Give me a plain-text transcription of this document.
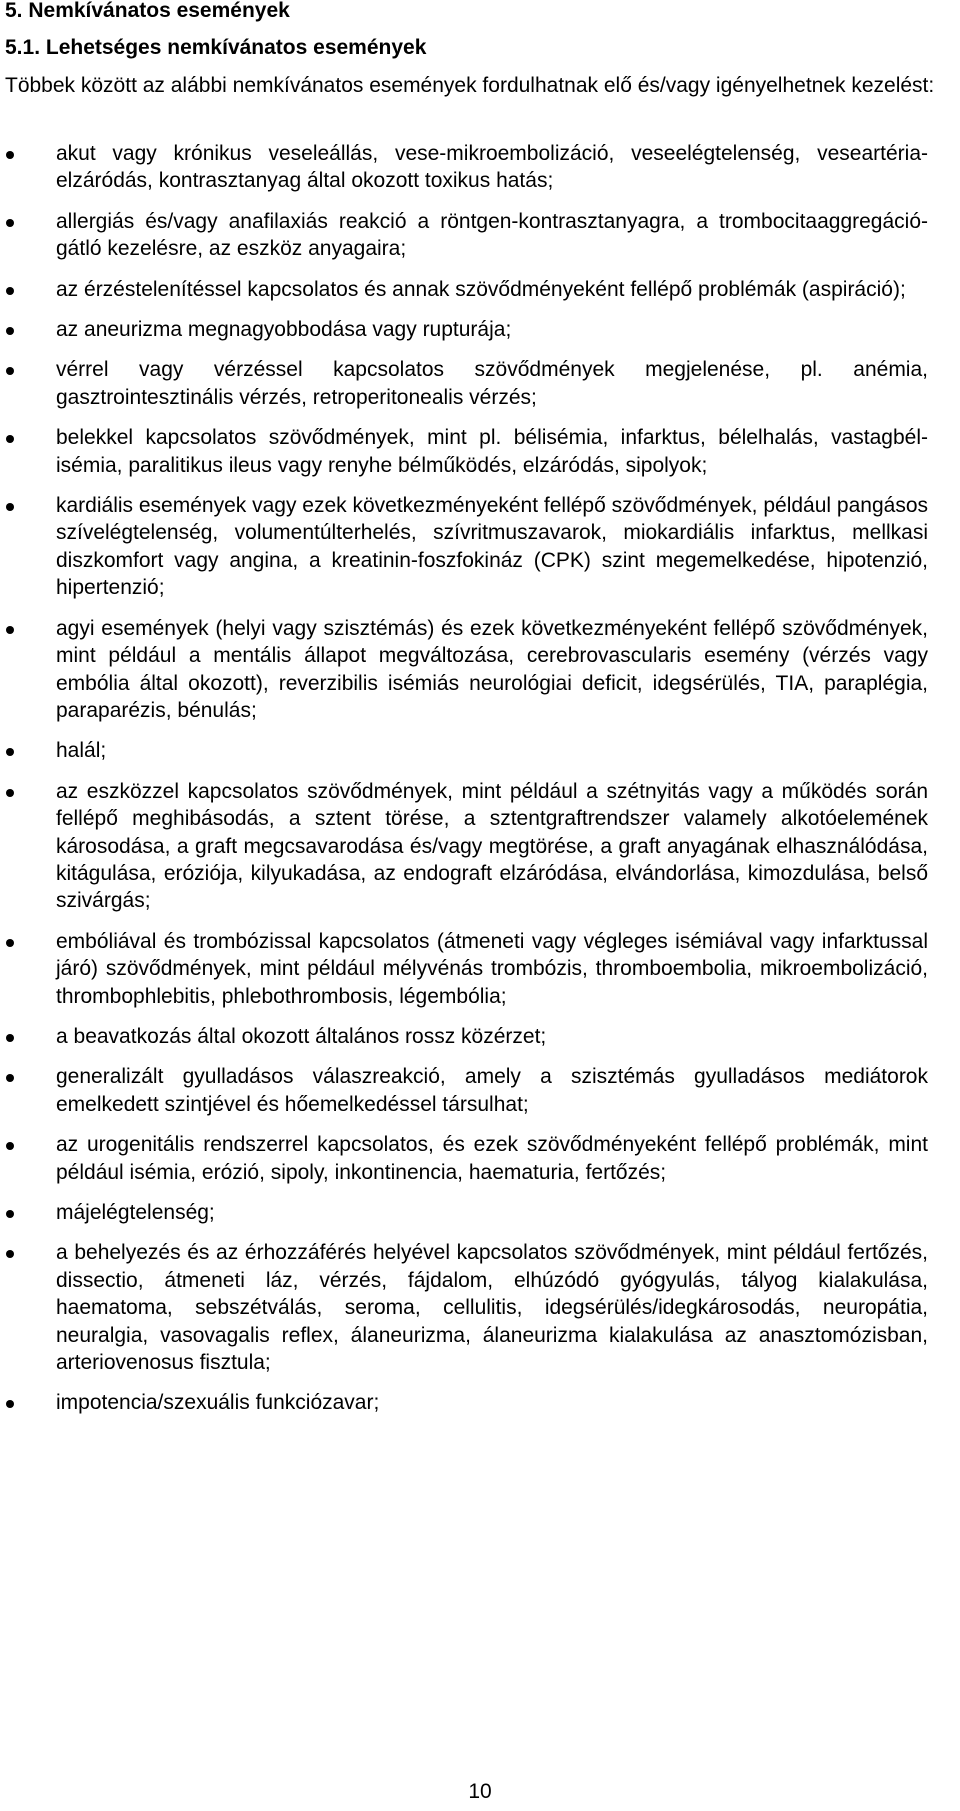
5. Nemkívánatos események
5.1. Lehetséges nemkívánatos események
Többek között az alábbi nemkívánatos események fordulhatnak elő és/vagy igényelhetnek kezelést:
akut vagy krónikus veseleállás, vese-mikroembolizáció, veseelégtelenség, veseartéria-elzáródás, kontrasztanyag által okozott toxikus hatás;
allergiás és/vagy anafilaxiás reakció a röntgen-kontrasztanyagra, a trombocitaaggregáció-gátló kezelésre, az eszköz anyagaira;
az érzéstelenítéssel kapcsolatos és annak szövődményeként fellépő problémák (aspiráció);
az aneurizma megnagyobbodása vagy rupturája;
vérrel vagy vérzéssel kapcsolatos szövődmények megjelenése, pl. anémia, gasztrointesztinális vérzés, retroperitonealis vérzés;
belekkel kapcsolatos szövődmények, mint pl. bélisémia, infarktus, bélelhalás, vastagbél-isémia, paralitikus ileus vagy renyhe bélműködés, elzáródás, sipolyok;
kardiális események vagy ezek következményeként fellépő szövődmények, például pangásos szívelégtelenség, volumentúlterhelés, szívritmuszavarok, miokardiális infarktus, mellkasi diszkomfort vagy angina, a kreatinin-foszfokináz (CPK) szint megemelkedése, hipotenzió, hipertenzió;
agyi események (helyi vagy szisztémás) és ezek következményeként fellépő szövődmények, mint például a mentális állapot megváltozása, cerebrovascularis esemény (vérzés vagy embólia által okozott), reverzibilis isémiás neurológiai deficit, idegsérülés, TIA, paraplégia, paraparézis, bénulás;
halál;
az eszközzel kapcsolatos szövődmények, mint például a szétnyitás vagy a működés során fellépő meghibásodás, a sztent törése, a sztentgraftrendszer valamely alkotóelemének károsodása, a graft megcsavarodása és/vagy megtörése, a graft anyagának elhasználódása, kitágulása, eróziója, kilyukadása, az endograft elzáródása, elvándorlása, kimozdulása, belső szivárgás;
embóliával és trombózissal kapcsolatos (átmeneti vagy végleges isémiával vagy infarktussal járó) szövődmények, mint például mélyvénás trombózis, thromboembolia, mikroembolizáció, thrombophlebitis, phlebothrombosis, légembólia;
a beavatkozás által okozott általános rossz közérzet;
generalizált gyulladásos válaszreakció, amely a szisztémás gyulladásos mediátorok emelkedett szintjével és hőemelkedéssel társulhat;
az urogenitális rendszerrel kapcsolatos, és ezek szövődményeként fellépő problémák, mint például isémia, erózió, sipoly, inkontinencia, haematuria, fertőzés;
májelégtelenség;
a behelyezés és az érhozzáférés helyével kapcsolatos szövődmények, mint például fertőzés, dissectio, átmeneti láz, vérzés, fájdalom, elhúzódó gyógyulás, tályog kialakulása, haematoma, sebszétválás, seroma, cellulitis, idegsérülés/idegkárosodás, neuropátia, neuralgia, vasovagalis reflex, álaneurizma, álaneurizma kialakulása az anasztomózisban, arteriovenosus fisztula;
impotencia/szexuális funkciózavar;
10
